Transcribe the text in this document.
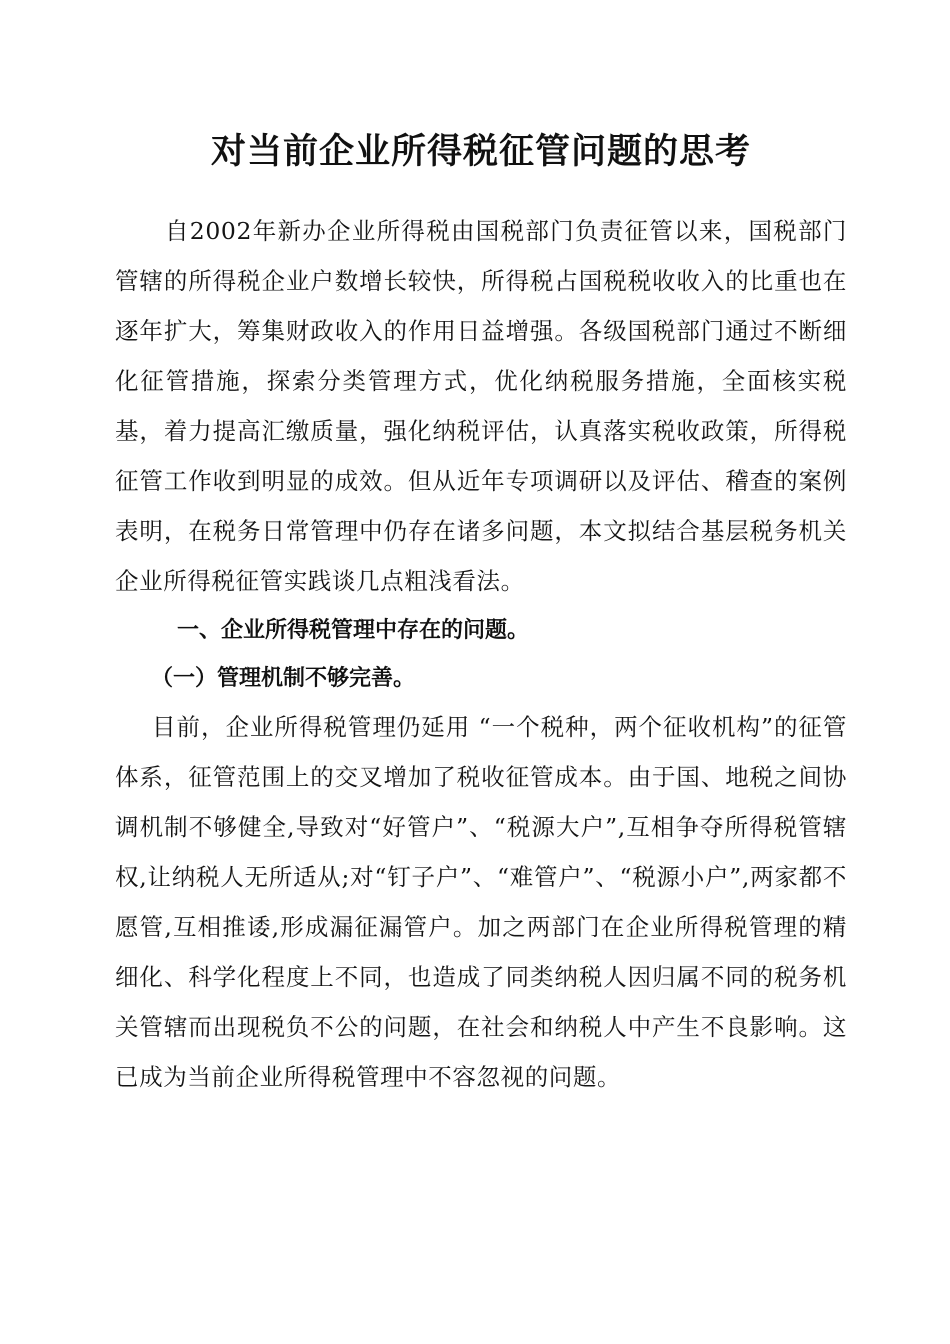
对当前企业所得税征管问题的思考

自2002年新办企业所得税由国税部门负责征管以来，国税部门管辖的所得税企业户数增长较快，所得税占国税税收收入的比重也在逐年扩大，筹集财政收入的作用日益增强。各级国税部门通过不断细化征管措施，探索分类管理方式，优化纳税服务措施，全面核实税基，着力提高汇缴质量，强化纳税评估，认真落实税收政策，所得税征管工作收到明显的成效。但从近年专项调研以及评估、稽查的案例表明，在税务日常管理中仍存在诸多问题，本文拟结合基层税务机关企业所得税征管实践谈几点粗浅看法。

一、企业所得税管理中存在的问题。
（一）管理机制不够完善。

目前，企业所得税管理仍延用 “一个税种，两个征收机构”的征管体系，征管范围上的交叉增加了税收征管成本。由于国、地税之间协调机制不够健全,导致对“好管户”、“税源大户”,互相争夺所得税管辖权,让纳税人无所适从;对“钉子户”、“难管户”、“税源小户”,两家都不愿管,互相推诿,形成漏征漏管户。加之两部门在企业所得税管理的精细化、科学化程度上不同，也造成了同类纳税人因归属不同的税务机关管辖而出现税负不公的问题，在社会和纳税人中产生不良影响。这已成为当前企业所得税管理中不容忽视的问题。
